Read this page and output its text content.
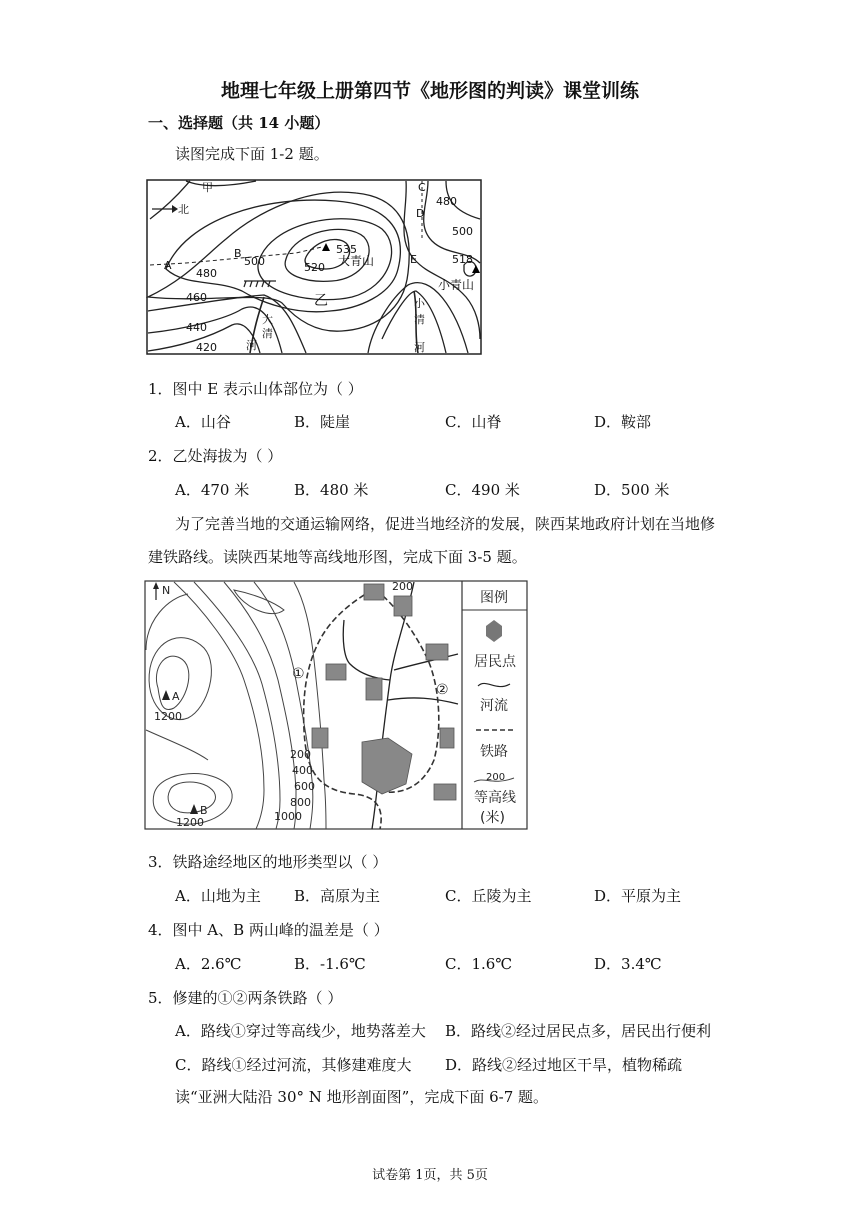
地理七年级上册第四节《地形图的判读》课堂训练
一、选择题（共 14 小题）
读图完成下面 1-2 题。
甲
北
A
B
C
D
E
乙
535
520
500
480
460
440
420
480
500
518
大青山
小青山
大
清
河
小
清
河
1．图中 E 表示山体部位为（ ）
A．山谷	B．陡崖	C．山脊	D．鞍部
2．乙处海拔为（ ）
A．470 米	B．480 米	C．490 米	D．500 米
为了完善当地的交通运输网络，促进当地经济的发展，陕西某地政府计划在当地修
建铁路线。读陕西某地等高线地形图，完成下面 3-5 题。
N
A
B
1200
1200
200
400
600
800
1000
200
①
②
图例
居民点
河流
铁路
200
等高线
(米)
3．铁路途经地区的地形类型以（ ）
A．山地为主 B．高原为主	C．丘陵为主	D．平原为主
4．图中 A、B 两山峰的温差是（ ）
A．2.6℃	B．-1.6℃	C．1.6℃	D．3.4℃
5．修建的①②两条铁路（ ）
A．路线①穿过等高线少，地势落差大 B．路线②经过居民点多，居民出行便利
C．路线①经过河流，其修建难度大 D．路线②经过地区干旱，植物稀疏
读“亚洲大陆沿 30° N 地形剖面图”，完成下面 6-7 题。
试卷第 1页，共 5页
